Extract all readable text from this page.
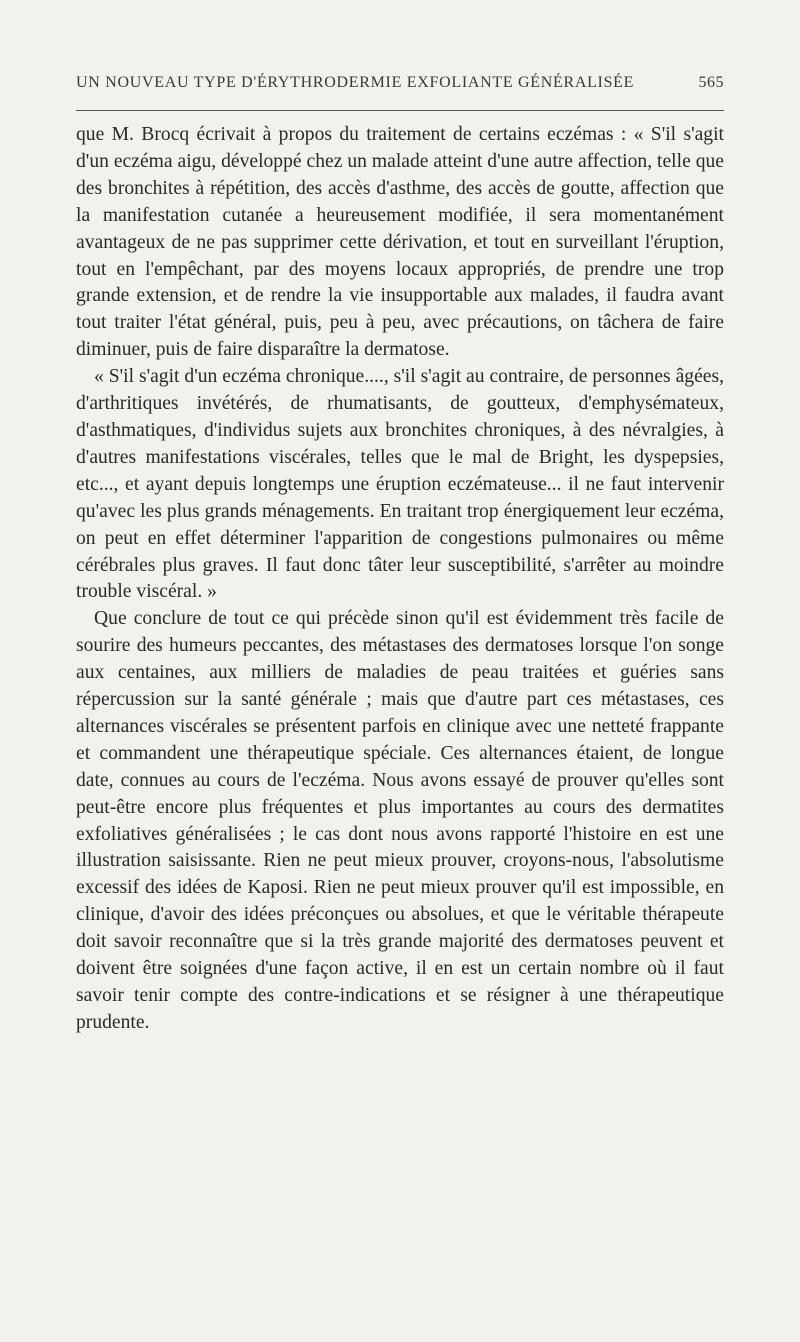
UN NOUVEAU TYPE D'ÉRYTHRODERMIE EXFOLIANTE GÉNÉRALISÉE	565

que M. Brocq écrivait à propos du traitement de certains eczémas : « S'il s'agit d'un eczéma aigu, développé chez un malade atteint d'une autre affection, telle que des bronchites à répétition, des accès d'asthme, des accès de goutte, affection que la manifestation cutanée a heureusement modifiée, il sera momentanément avantageux de ne pas supprimer cette dérivation, et tout en surveillant l'éruption, tout en l'empêchant, par des moyens locaux appropriés, de prendre une trop grande extension, et de rendre la vie insupportable aux malades, il faudra avant tout traiter l'état général, puis, peu à peu, avec précautions, on tâchera de faire diminuer, puis de faire disparaître la dermatose.

« S'il s'agit d'un eczéma chronique...., s'il s'agit au contraire, de personnes âgées, d'arthritiques invétérés, de rhumatisants, de goutteux, d'emphysémateux, d'asthmatiques, d'individus sujets aux bronchites chroniques, à des névralgies, à d'autres manifestations viscérales, telles que le mal de Bright, les dyspepsies, etc..., et ayant depuis longtemps une éruption eczémateuse... il ne faut intervenir qu'avec les plus grands ménagements. En traitant trop énergiquement leur eczéma, on peut en effet déterminer l'apparition de congestions pulmonaires ou même cérébrales plus graves. Il faut donc tâter leur susceptibilité, s'arrêter au moindre trouble viscéral. »

Que conclure de tout ce qui précède sinon qu'il est évidemment très facile de sourire des humeurs peccantes, des métastases des dermatoses lorsque l'on songe aux centaines, aux milliers de maladies de peau traitées et guéries sans répercussion sur la santé générale ; mais que d'autre part ces métastases, ces alternances viscérales se présentent parfois en clinique avec une netteté frappante et commandent une thérapeutique spéciale. Ces alternances étaient, de longue date, connues au cours de l'eczéma. Nous avons essayé de prouver qu'elles sont peut-être encore plus fréquentes et plus importantes au cours des dermatites exfoliatives généralisées ; le cas dont nous avons rapporté l'histoire en est une illustration saisissante. Rien ne peut mieux prouver, croyons-nous, l'absolutisme excessif des idées de Kaposi. Rien ne peut mieux prouver qu'il est impossible, en clinique, d'avoir des idées préconçues ou absolues, et que le véritable thérapeute doit savoir reconnaître que si la très grande majorité des dermatoses peuvent et doivent être soignées d'une façon active, il en est un certain nombre où il faut savoir tenir compte des contre-indications et se résigner à une thérapeutique prudente.
